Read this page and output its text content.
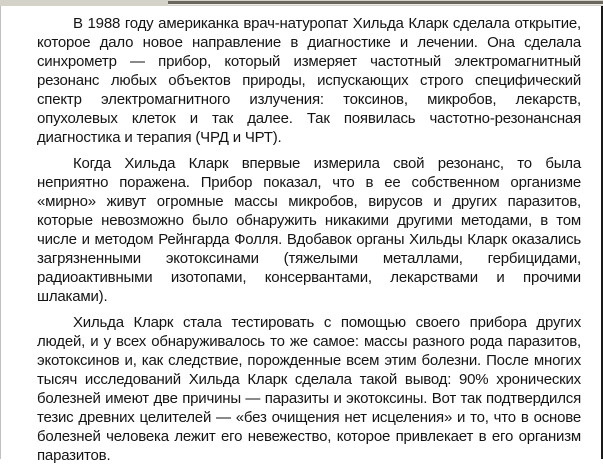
В 1988 году американка врач-натуропат Хильда Кларк сделала открытие,
которое дало новое направление в диагностике и лечении. Она сделала
синхрометр — прибор, который измеряет частотный электромагнитный
резонанс любых объектов природы, испускающих строго специфический
спектр электромагнитного излучения: токсинов, микробов, лекарств,
опухолевых клеток и так далее. Так появилась частотно-резонансная
диагностика и терапия (ЧРД и ЧРТ).
Когда Хильда Кларк впервые измерила свой резонанс, то была
неприятно поражена. Прибор показал, что в ее собственном организме
«мирно» живут огромные массы микробов, вирусов и других паразитов,
которые невозможно было обнаружить никакими другими методами, в том
числе и методом Рейнгарда Фолля. Вдобавок органы Хильды Кларк оказались
загрязненными экотоксинами (тяжелыми металлами, гербицидами,
радиоактивными изотопами, консервантами, лекарствами и прочими
шлаками).
Хильда Кларк стала тестировать с помощью своего прибора других
людей, и у всех обнаруживалось то же самое: массы разного рода паразитов,
экотоксинов и, как следствие, порожденные всем этим болезни. После многих
тысяч исследований Хильда Кларк сделала такой вывод: 90% хронических
болезней имеют две причины — паразиты и экотоксины. Вот так подтвердился
тезис древних целителей — «без очищения нет исцеления» и то, что в основе
болезней человека лежит его невежество, которое привлекает в его организм
паразитов.
